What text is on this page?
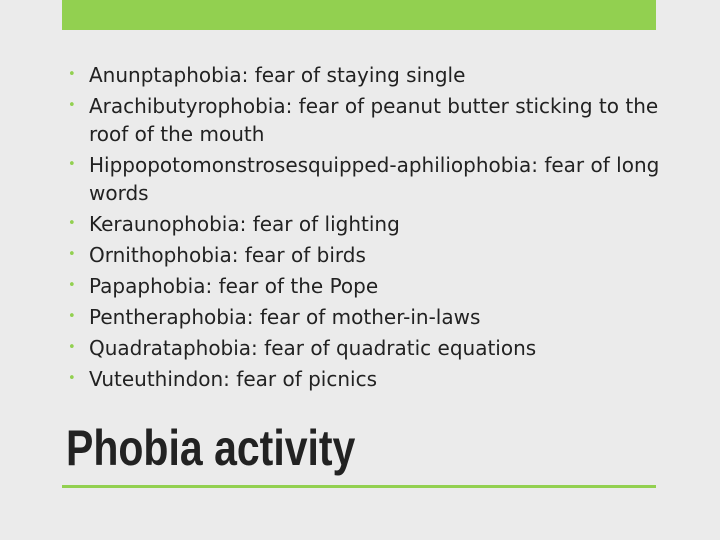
• Anunptaphobia: fear of staying single
• Arachibutyrophobia: fear of peanut butter sticking to the roof of the mouth
• Hippopotomonstrosesquipped-aphiliophobia: fear of long words
• Keraunophobia: fear of lighting
• Ornithophobia: fear of birds
• Papaphobia: fear of the Pope
• Pentheraphobia: fear of mother-in-laws
• Quadrataphobia: fear of quadratic equations
• Vuteuthindon: fear of picnics
Phobia activity
